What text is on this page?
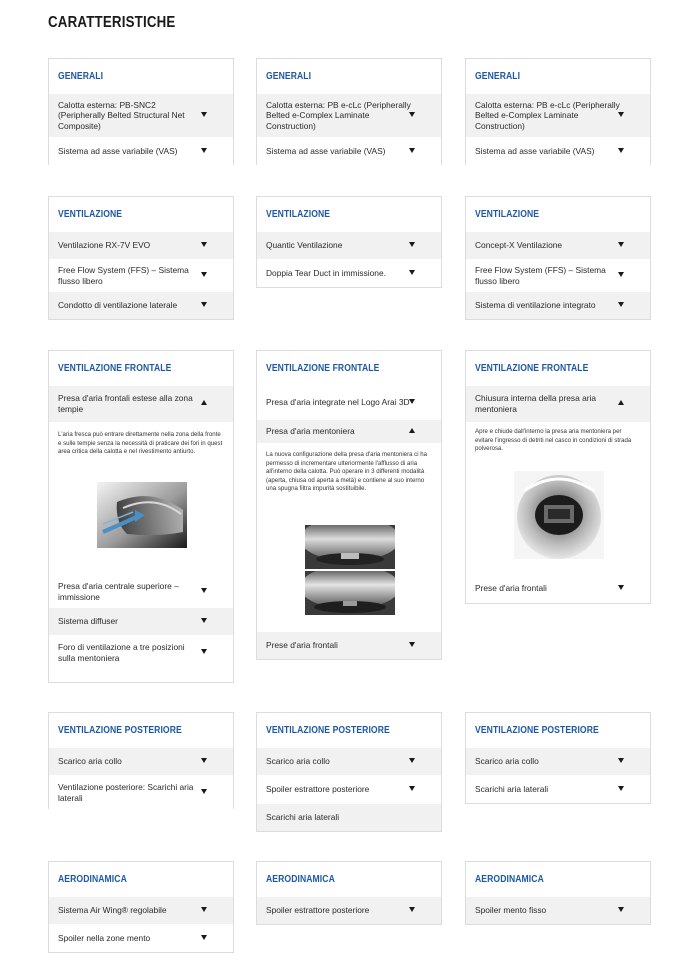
CARATTERISTICHE
GENERALI
Calotta esterna: PB-SNC2 (Peripherally Belted Structural Net Composite)
Sistema ad asse variabile (VAS)
VENTILAZIONE
Ventilazione RX-7V EVO
Free Flow System (FFS) – Sistema flusso libero
Condotto di ventilazione laterale
VENTILAZIONE FRONTALE
Presa d'aria frontali estese alla zona tempie
L'aria fresca può entrare direttamente nella zona della fronte e sulle tempie senza la necessità di praticare dei fori in quest area critica della calotta e nel rivestimento antiurto.
Presa d'aria centrale superiore – immissione
Sistema diffuser
Foro di ventilazione a tre posizioni sulla mentoniera
VENTILAZIONE POSTERIORE
Scarico aria collo
Ventilazione posteriore: Scarichi aria laterali
AERODINAMICA
Sistema Air Wing® regolabile
Spoiler nella zone mento
GENERALI
Calotta esterna: PB e-cLc (Peripherally Belted e-Complex Laminate Construction)
Sistema ad asse variabile (VAS)
VENTILAZIONE
Quantic Ventilazione
Doppia Tear Duct in immissione.
VENTILAZIONE FRONTALE
Presa d'aria integrate nel Logo Arai 3D
Presa d'aria mentoniera
La nuova configurazione della presa d'aria mentoniera ci ha permesso di incrementare ulteriormente l'afflusso di aria all'interno della calotta. Può operare in 3 differenti modalità (aperta, chiusa od aperta a metà) e contiene al suo interno una spugna filtra impurità sostituibile.
Prese d'aria frontali
VENTILAZIONE POSTERIORE
Scarico aria collo
Spoiler estrattore posteriore
Scarichi aria laterali
AERODINAMICA
Spoiler estrattore posteriore
GENERALI
Calotta esterna: PB e-cLc (Peripherally Belted e-Complex Laminate Construction)
Sistema ad asse variabile (VAS)
VENTILAZIONE
Concept-X Ventilazione
Free Flow System (FFS) – Sistema flusso libero
Sistema di ventilazione integrato
VENTILAZIONE FRONTALE
Chiusura interna della presa aria mentoniera
Apre e chiude dall'interno la presa aria mentoniera per evitare l'ingresso di detriti nel casco in condizioni di strada polverosa.
Prese d'aria frontali
VENTILAZIONE POSTERIORE
Scarico aria collo
Scarichi aria laterali
AERODINAMICA
Spoiler mento fisso
